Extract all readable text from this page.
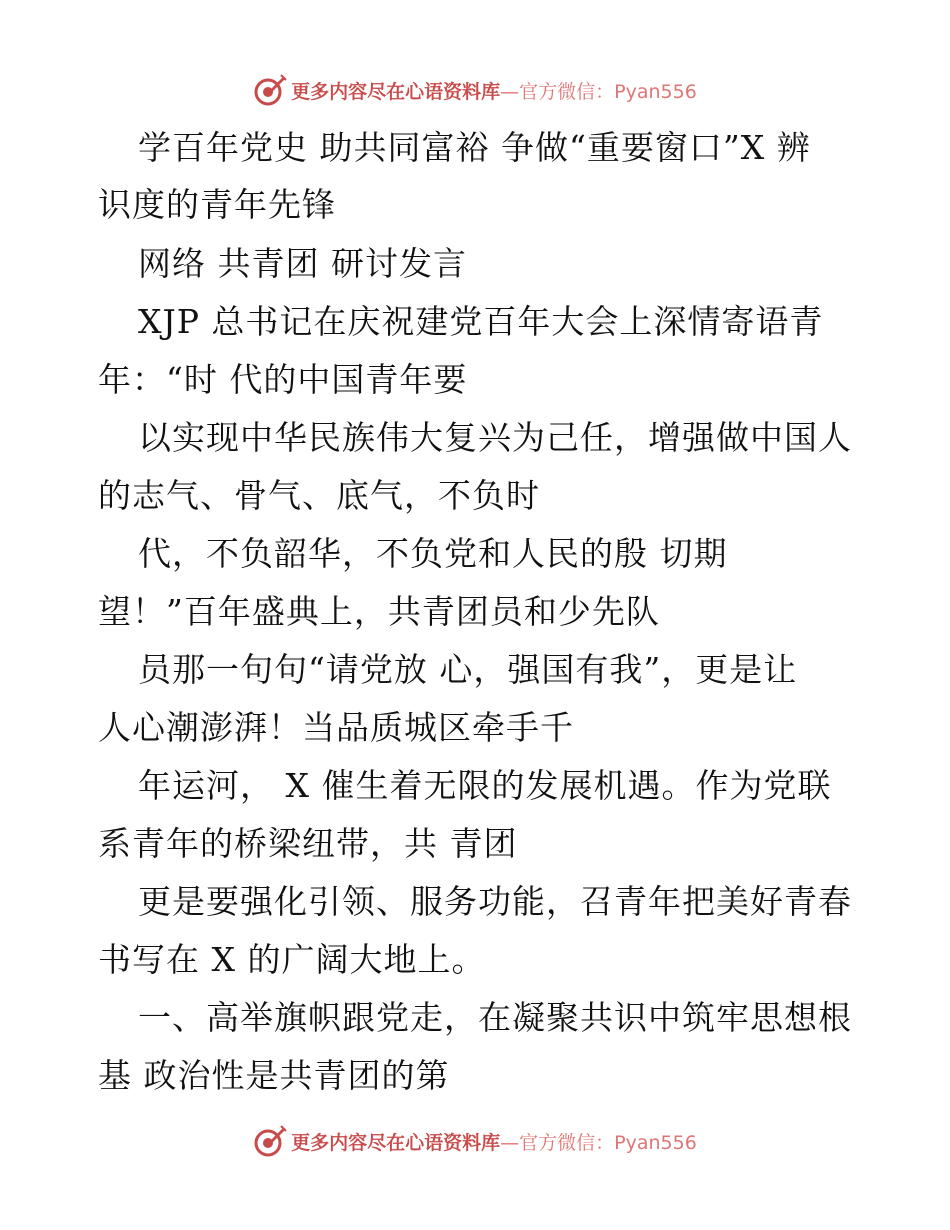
更多内容尽在心语资料库—官方微信：Pyan556
学百年党史 助共同富裕 争做“重要窗口”X 辨
识度的青年先锋
网络 共青团 研讨发言
XJP 总书记在庆祝建党百年大会上深情寄语青
年：“时 代的中国青年要
以实现中华民族伟大复兴为己任，增强做中国人
的志气、骨气、底气，不负时
代，不负韶华，不负党和人民的殷 切期
望！”百年盛典上，共青团员和少先队
员那一句句“请党放 心，强国有我”，更是让
人心潮澎湃！当品质城区牵手千
年运河， X 催生着无限的发展机遇。作为党联
系青年的桥梁纽带，共 青团
更是要强化引领、服务功能，召青年把美好青春
书写在 X 的广阔大地上。
一、高举旗帜跟党走，在凝聚共识中筑牢思想根
基 政治性是共青团的第
更多内容尽在心语资料库—官方微信：Pyan556
